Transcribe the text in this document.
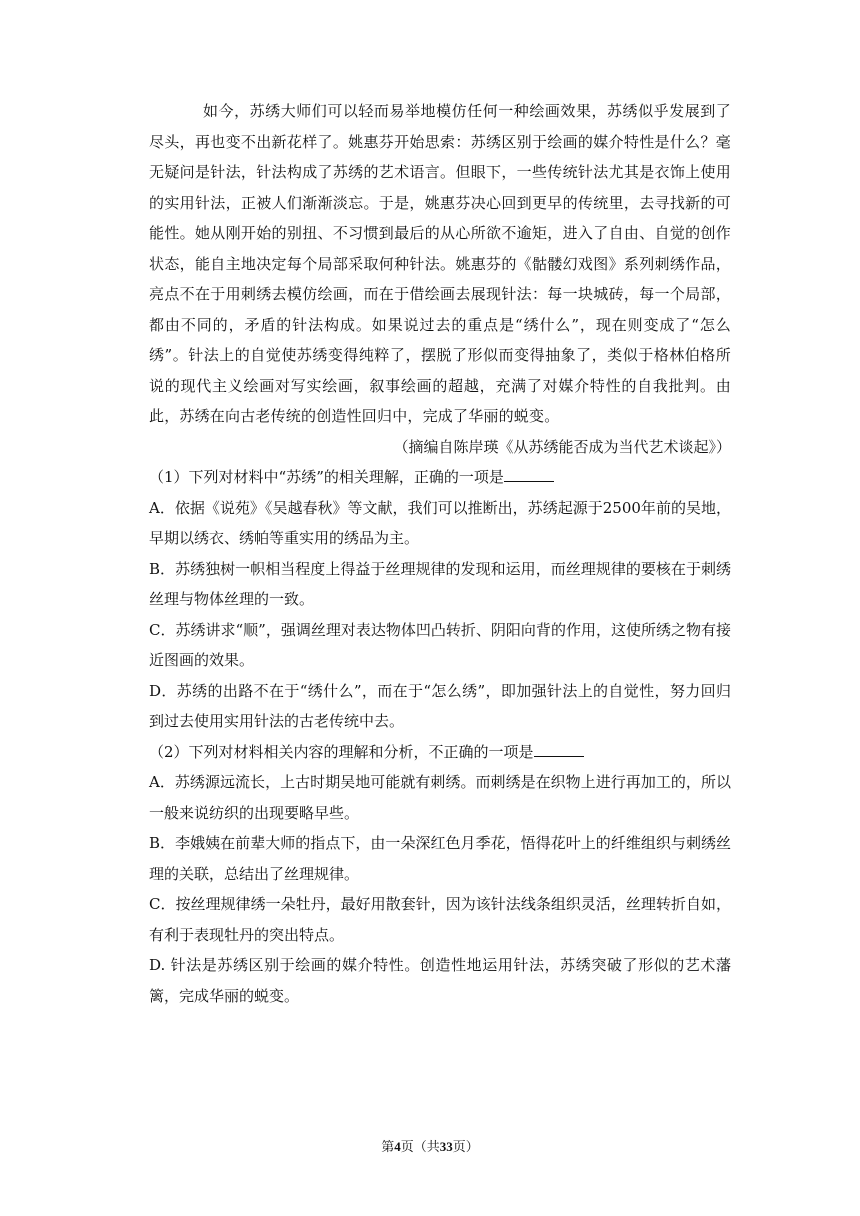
如今，苏绣大师们可以轻而易举地模仿任何一种绘画效果，苏绣似乎发展到了尽头，再也变不出新花样了。姚惠芬开始思索：苏绣区别于绘画的媒介特性是什么？毫无疑问是针法，针法构成了苏绣的艺术语言。但眼下，一些传统针法尤其是衣饰上使用的实用针法，正被人们渐渐淡忘。于是，姚惠芬决心回到更早的传统里，去寻找新的可能性。她从刚开始的别扭、不习惯到最后的从心所欲不逾矩，进入了自由、自觉的创作状态，能自主地决定每个局部采取何种针法。姚惠芬的《骷髅幻戏图》系列刺绣作品，亮点不在于用刺绣去模仿绘画，而在于借绘画去展现针法：每一块城砖，每一个局部，都由不同的，矛盾的针法构成。如果说过去的重点是“绣什么”，现在则变成了“怎么绣”。针法上的自觉使苏绣变得纯粹了，摆脱了形似而变得抽象了，类似于格林伯格所说的现代主义绘画对写实绘画，叙事绘画的超越，充满了对媒介特性的自我批判。由此，苏绣在向古老传统的创造性回归中，完成了华丽的蜕变。

（摘编自陈岸瑛《从苏绣能否成为当代艺术谈起》）

（1）下列对材料中“苏绣”的相关理解，正确的一项是

A．依据《说苑》《吴越春秋》等文献，我们可以推断出，苏绣起源于2500年前的吴地，早期以绣衣、绣帕等重实用的绣品为主。

B．苏绣独树一帜相当程度上得益于丝理规律的发现和运用，而丝理规律的要核在于刺绣丝理与物体丝理的一致。

C．苏绣讲求“顺”，强调丝理对表达物体凹凸转折、阴阳向背的作用，这使所绣之物有接近图画的效果。

D．苏绣的出路不在于“绣什么”，而在于“怎么绣”，即加强针法上的自觉性，努力回归到过去使用实用针法的古老传统中去。

（2）下列对材料相关内容的理解和分析，不正确的一项是

A．苏绣源远流长，上古时期吴地可能就有刺绣。而刺绣是在织物上进行再加工的，所以一般来说纺织的出现要略早些。

B．李娥姨在前辈大师的指点下，由一朵深红色月季花，悟得花叶上的纤维组织与刺绣丝理的关联，总结出了丝理规律。

C．按丝理规律绣一朵牡丹，最好用散套针，因为该针法线条组织灵活，丝理转折自如，有利于表现牡丹的突出特点。

D. 针法是苏绣区别于绘画的媒介特性。创造性地运用针法，苏绣突破了形似的艺术藩篱，完成华丽的蜕变。

第4页（共33页）
